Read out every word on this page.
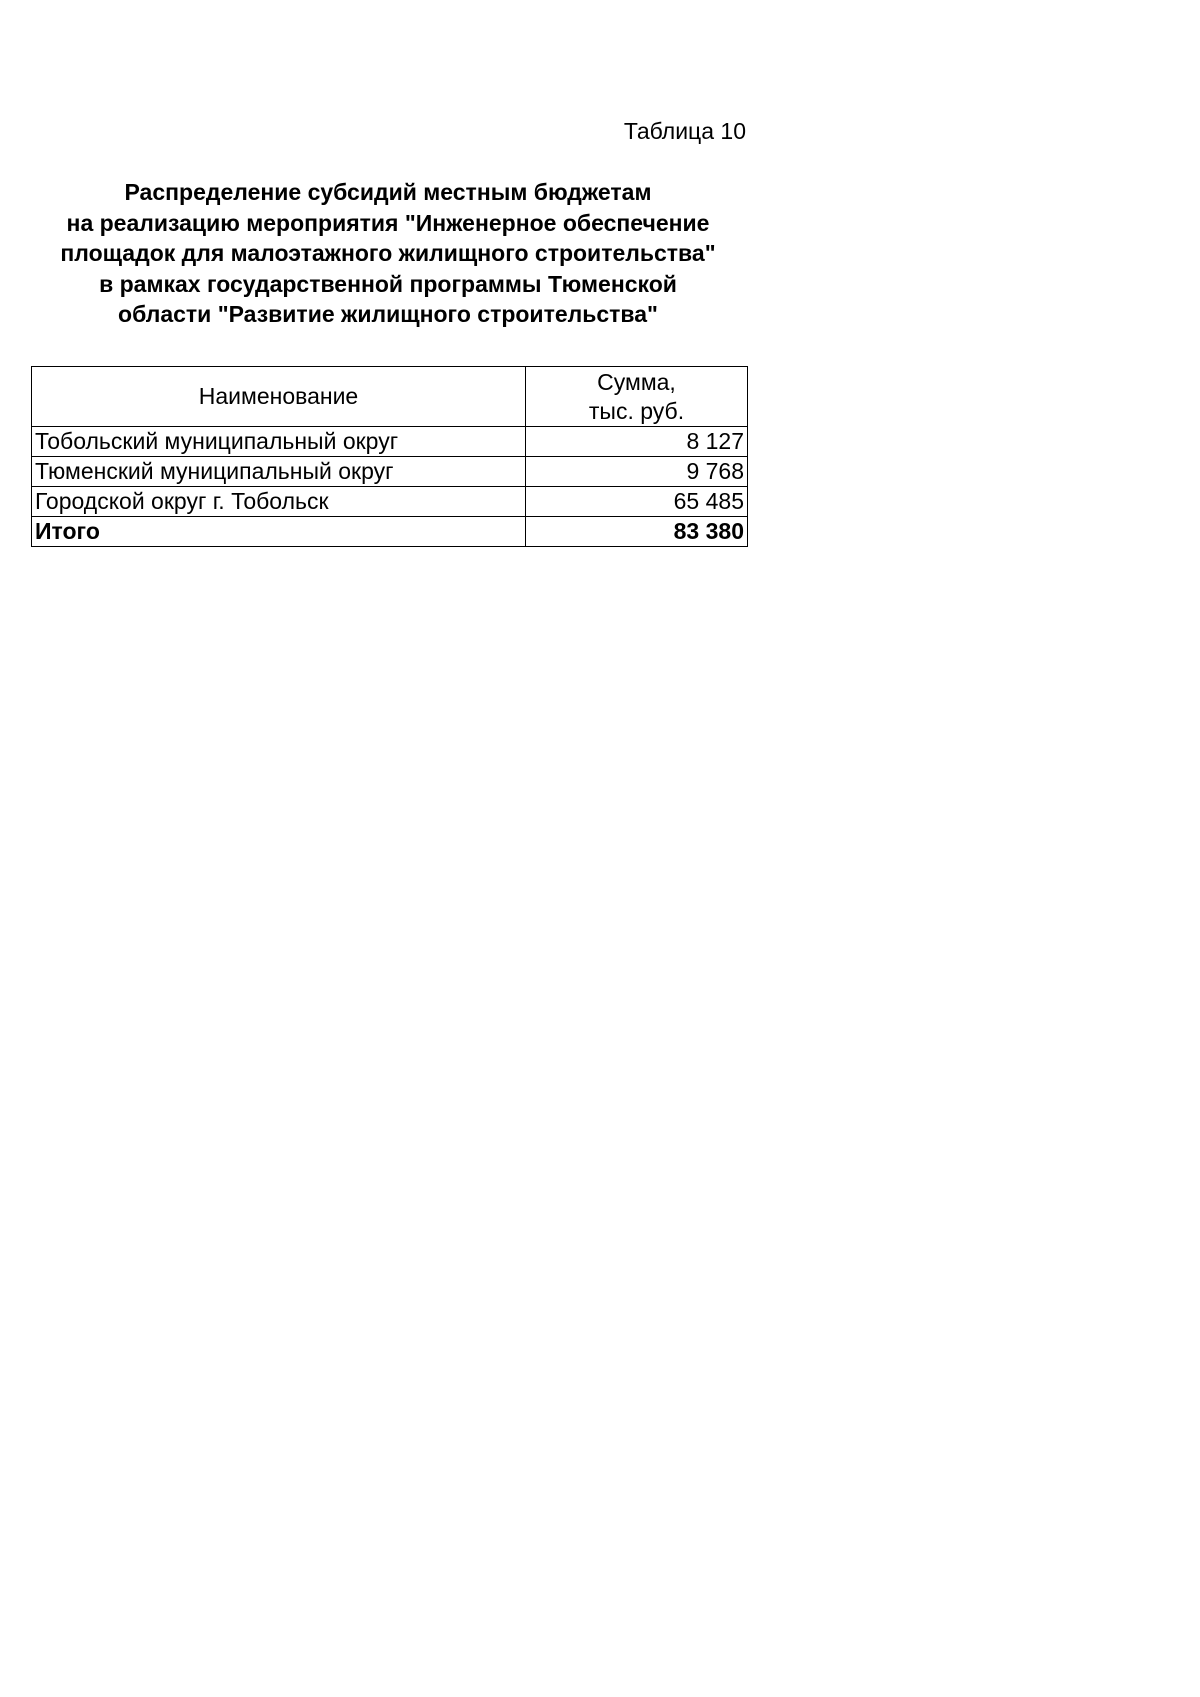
Таблица 10
Распределение субсидий местным бюджетам
на реализацию мероприятия "Инженерное обеспечение
площадок для малоэтажного жилищного строительства"
в рамках государственной программы Тюменской
области "Развитие жилищного строительства"
Наименование	Сумма,
тыс. руб.

Тобольский муниципальный округ	8 127
Тюменский муниципальный округ	9 768
Городской округ г. Тобольск	65 485
Итого	83 380
